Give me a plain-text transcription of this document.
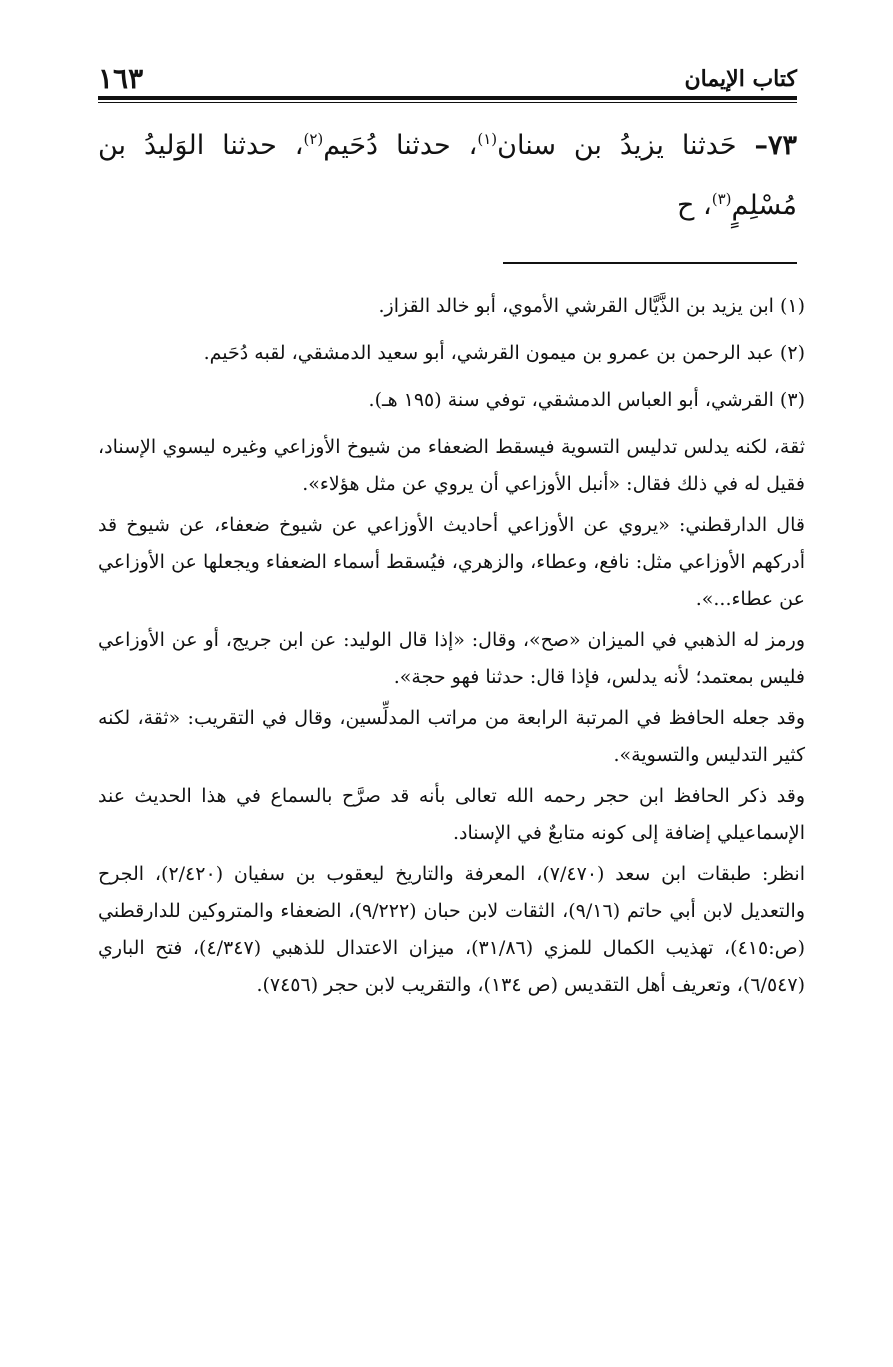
١٦٣	كتاب الإيمان
٧٣– حَدثنا يزيدُ بن سنان$^{(١)}$، حدثنا دُحَيم$^{(٢)}$، حدثنا الوَليدُ بن مُسْلِمٍ$^{(٣)}$، ح

(١) ابن يزيد بن الذَّيَّال القرشي الأموي، أبو خالد القزاز.

(٢) عبد الرحمن بن عمرو بن ميمون القرشي، أبو سعيد الدمشقي، لقبه دُحَيم.

(٣) القرشي، أبو العباس الدمشقي، توفي سنة (١٩٥ هـ).

ثقة، لكنه يدلس تدليس التسوية فيسقط الضعفاء من شيوخ الأوزاعي وغيره ليسوي الإسناد، فقيل له في ذلك فقال: «أنبل الأوزاعي أن يروي عن مثل هؤلاء».

قال الدارقطني: «يروي عن الأوزاعي أحاديث الأوزاعي عن شيوخ ضعفاء، عن شيوخ قد أدركهم الأوزاعي مثل: نافع، وعطاء، والزهري، فيُسقط أسماء الضعفاء ويجعلها عن الأوزاعي عن عطاء...».

ورمز له الذهبي في الميزان «صح»، وقال: «إذا قال الوليد: عن ابن جريج، أو عن الأوزاعي فليس بمعتمد؛ لأنه يدلس، فإذا قال: حدثنا فهو حجة».

وقد جعله الحافظ في المرتبة الرابعة من مراتب المدلِّسين، وقال في التقريب: «ثقة، لكنه كثير التدليس والتسوية».

وقد ذكر الحافظ ابن حجر رحمه الله تعالى بأنه قد صرَّح بالسماع في هذا الحديث عند الإسماعيلي إضافة إلى كونه متابعٌ في الإسناد.

انظر: طبقات ابن سعد (٧/٤٧٠)، المعرفة والتاريخ ليعقوب بن سفيان (٢/٤٢٠)، الجرح والتعديل لابن أبي حاتم (٩/١٦)، الثقات لابن حبان (٩/٢٢٢)، الضعفاء والمتروكين للدارقطني (ص:٤١٥)، تهذيب الكمال للمزي (٣١/٨٦)، ميزان الاعتدال للذهبي (٤/٣٤٧)، فتح الباري (٦/٥٤٧)، وتعريف أهل التقديس (ص ١٣٤)، والتقريب لابن حجر (٧٤٥٦).
